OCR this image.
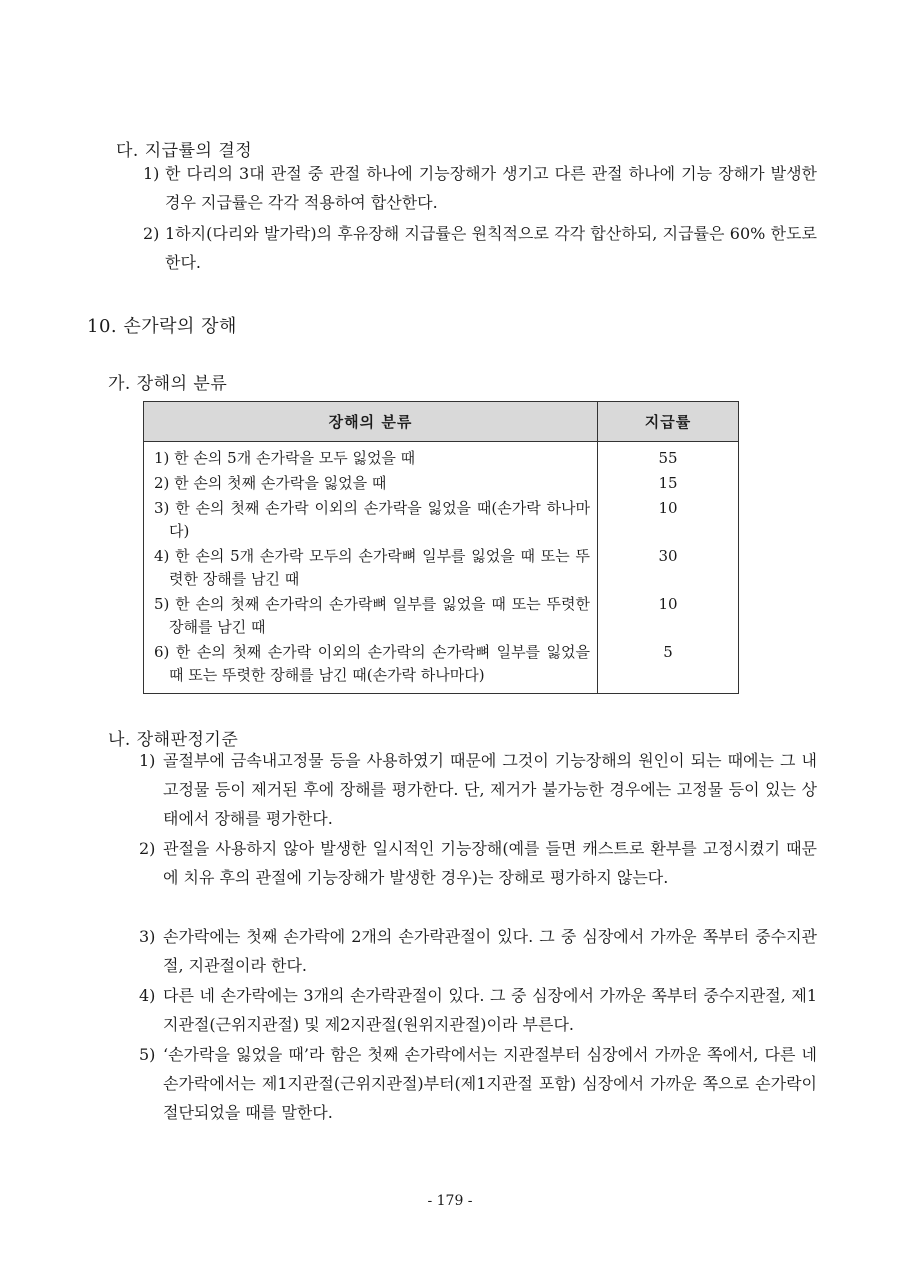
다. 지급률의 결정
1) 한 다리의 3대 관절 중 관절 하나에 기능장해가 생기고 다른 관절 하나에 기능 장해가 발생한 경우 지급률은 각각 적용하여 합산한다.
2) 1하지(다리와 발가락)의 후유장해 지급률은 원칙적으로 각각 합산하되, 지급률은 60% 한도로 한다.
10. 손가락의 장해
가. 장해의 분류
장해의 분류	지급률

1) 한 손의 5개 손가락을 모두 잃었을 때	55

2) 한 손의 첫째 손가락을 잃었을 때	15

3) 한 손의 첫째 손가락 이외의 손가락을 잃었을 때(손가락 하나마다)	10

4) 한 손의 5개 손가락 모두의 손가락뼈 일부를 잃었을 때 또는 뚜렷한 장해를 남긴 때	30

5) 한 손의 첫째 손가락의 손가락뼈 일부를 잃었을 때 또는 뚜렷한 장해를 남긴 때	10

6) 한 손의 첫째 손가락 이외의 손가락의 손가락뼈 일부를 잃었을 때 또는 뚜렷한 장해를 남긴 때(손가락 하나마다)	5
나. 장해판정기준
1) 골절부에 금속내고정물 등을 사용하였기 때문에 그것이 기능장해의 원인이 되는 때에는 그 내고정물 등이 제거된 후에 장해를 평가한다. 단, 제거가 불가능한 경우에는 고정물 등이 있는 상태에서 장해를 평가한다.
2) 관절을 사용하지 않아 발생한 일시적인 기능장해(예를 들면 캐스트로 환부를 고정시켰기 때문에 치유 후의 관절에 기능장해가 발생한 경우)는 장해로 평가하지 않는다.
3) 손가락에는 첫째 손가락에 2개의 손가락관절이 있다. 그 중 심장에서 가까운 쪽부터 중수지관절, 지관절이라 한다.
4) 다른 네 손가락에는 3개의 손가락관절이 있다. 그 중 심장에서 가까운 쪽부터 중수지관절, 제1지관절(근위지관절) 및 제2지관절(원위지관절)이라 부른다.
5) ‘손가락을 잃었을 때’라 함은 첫째 손가락에서는 지관절부터 심장에서 가까운 쪽에서, 다른 네 손가락에서는 제1지관절(근위지관절)부터(제1지관절 포함) 심장에서 가까운 쪽으로 손가락이 절단되었을 때를 말한다.
- 179 -
